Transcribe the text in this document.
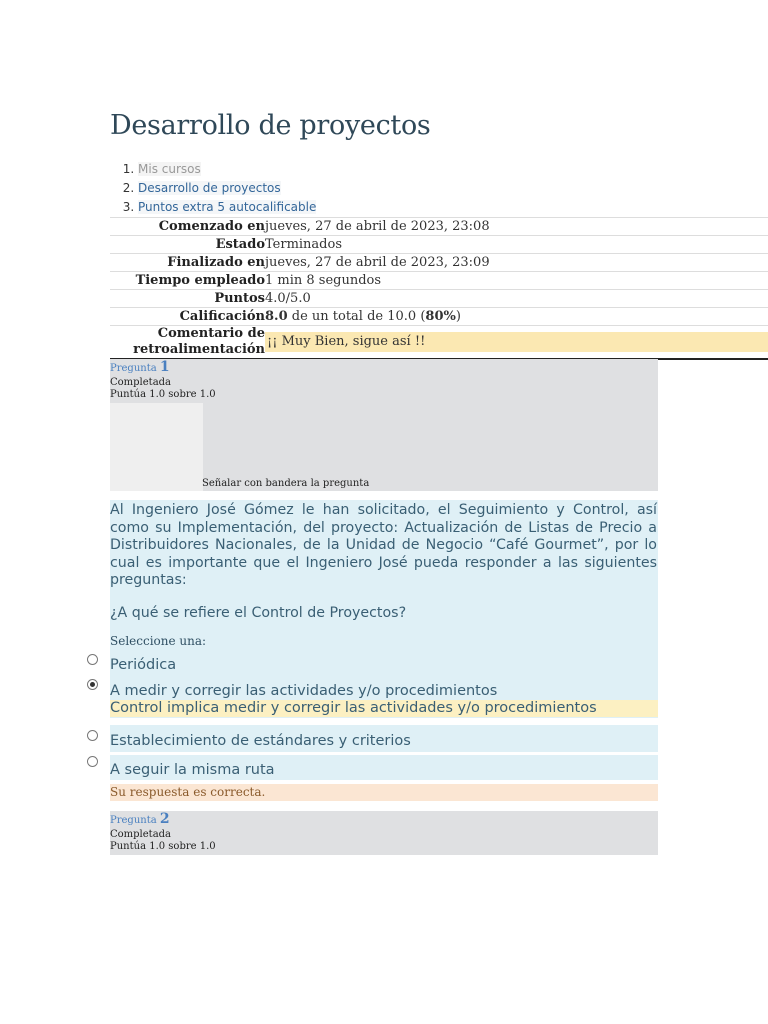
Desarrollo de proyectos
1. Mis cursos
2. Desarrollo de proyectos
3. Puntos extra 5 autocalificable
Comenzado en	jueves, 27 de abril de 2023, 23:08
Estado	Terminados
Finalizado en	jueves, 27 de abril de 2023, 23:09
Tiempo empleado	1 min 8 segundos
Puntos	4.0/5.0
Calificación	8.0 de un total de 10.0 (80%)
Comentario de
retroalimentación	¡¡ Muy Bien, sigue así !!
Pregunta 1
Completada
Puntúa 1.0 sobre 1.0
Señalar con bandera la pregunta
Al Ingeniero José Gómez le han solicitado, el Seguimiento y Control, así como su Implementación, del proyecto: Actualización de Listas de Precio a Distribuidores Nacionales, de la Unidad de Negocio “Café Gourmet”, por lo cual es importante que el Ingeniero José pueda responder a las siguientes preguntas:
¿A qué se refiere el Control de Proyectos?
Seleccione una:
Periódica
A medir y corregir las actividades y/o procedimientos
Control implica medir y corregir las actividades y/o procedimientos
Establecimiento de estándares y criterios
A seguir la misma ruta
Su respuesta es correcta.
Pregunta 2
Completada
Puntúa 1.0 sobre 1.0
